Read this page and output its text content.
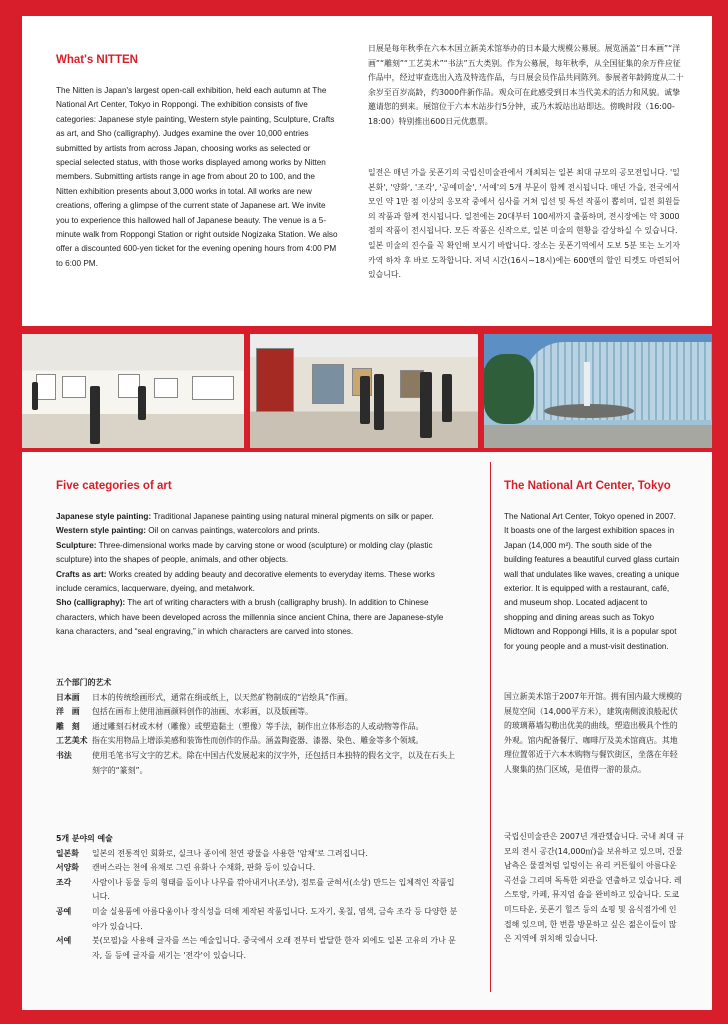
What's NITTEN

The Nitten is Japan's largest open-call exhibition, held each autumn at The National Art Center, Tokyo in Roppongi. The exhibition consists of five categories: Japanese style painting, Western style painting, Sculpture, Crafts as art, and Sho (calligraphy). Judges examine the over 10,000 entries submitted by artists from across Japan, choosing works as selected or special selected status, with those works displayed among works by Nitten members. Submitting artists range in age from about 20 to 100, and the Nitten exhibition presents about 3,000 works in total. All works are new creations, offering a glimpse of the current state of Japanese art. We invite you to experience this hallowed hall of Japanese beauty. The venue is a 5-minute walk from Roppongi Station or right outside Nogizaka Station. We also offer a discounted 600-yen ticket for the evening opening hours from 4:00 PM to 6:00 PM.

日展是每年秋季在六本木国立新美术馆举办的日本最大规模公募展。展览涵盖“日本画”“洋画”“雕刻”“工艺美术”“书法”五大类别。作为公募展，每年秋季，从全国征集的余万件应征作品中，经过审查选出入选及特选作品，与日展会员作品共同陈列。参展者年龄跨度从二十余岁至百岁高龄，约3000件新作品。观众可在此感受到日本当代美术的活力和风貌。诚挚邀请您的到来。展馆位于六本木站步行5分钟，或乃木坂站出站即达。傍晚时段（16:00-18:00）特别推出600日元优惠票。

일전은 매년 가을 롯폰기의 국립신미술관에서 개최되는 일본 최대 규모의 공모전입니다. '일본화', '양화', '조각', '공예미술', '서예'의 5개 부문이 함께 전시됩니다. 매년 가을, 전국에서 모인 약 1만 점 이상의 응모작 중에서 심사를 거쳐 입선 및 특선 작품이 뽑히며, 일전 회원들의 작품과 함께 전시됩니다. 일전에는 20대부터 100세까지 출품하며, 전시장에는 약 3000점의 작품이 전시됩니다. 모든 작품은 신작으로, 일본 미술의 현황을 감상하실 수 있습니다. 일본 미술의 진수를 꼭 확인해 보시기 바랍니다. 장소는 롯폰기역에서 도보 5분 또는 노기자카역 하차 후 바로 도착합니다. 저녁 시간(16시~18시)에는 600엔의 할인 티켓도 마련되어 있습니다.

Five categories of art

Japanese style painting: Traditional Japanese painting using natural mineral pigments on silk or paper.

Western style painting: Oil on canvas paintings, watercolors and prints.

Sculpture: Three-dimensional works made by carving stone or wood (sculpture) or molding clay (plastic sculpture) into the shapes of people, animals, and other objects.

Crafts as art: Works created by adding beauty and decorative elements to everyday items. These works include ceramics, lacquerware, dyeing, and metalwork.

Sho (calligraphy): The art of writing characters with a brush (calligraphy brush). In addition to Chinese characters, which have been developed across the millennia since ancient China, there are Japanese-style kana characters, and “seal engraving,” in which characters are carved into stones.

五个部门的艺术

日本画	日本的传统绘画形式，通常在绢或纸上，以天然矿物制成的“岩绘具”作画。
洋　画	包括在画布上使用油画颜料创作的油画、水彩画，以及版画等。
雕　刻	通过雕刻石材或木材（雕像）或塑造黏土（塑像）等手法，制作出立体形态的人或动物等作品。
工艺美术 指在实用物品上增添美感和装饰性而创作的作品。涵盖陶瓷器、漆器、染色、雕金等多个领域。
书法	使用毛笔书写文字的艺术。除在中国古代发展起来的汉字外，还包括日本独特的假名文字，以及在石头上刻字的“篆刻”。

5개 분야의 예술

일본화	일본의 전통적인 회화로, 실크나 종이에 천연 광물을 사용한 '암채'로 그려집니다.
서양화	캔버스라는 천에 유채로 그린 유화나 수채화, 판화 등이 있습니다.
조각	사람이나 동물 등의 형태를 돌이나 나무를 깎아내거나(조상), 점토를 굳혀서(소상) 만드는 입체적인 작품입니다.
공예	미술 실용품에 아름다움이나 장식성을 더해 제작된 작품입니다. 도자기, 옻칠, 염색, 금속 조각 등 다양한 분야가 있습니다.
서예	붓(모필)을 사용해 글자를 쓰는 예술입니다. 중국에서 오래 전부터 발달한 한자 외에도 일본 고유의 가나 문자, 돌 등에 글자를 새기는 '전각'이 있습니다.
The National Art Center, Tokyo

The National Art Center, Tokyo opened in 2007. It boasts one of the largest exhibition spaces in Japan (14,000 m²). The south side of the building features a beautiful curved glass curtain wall that undulates like waves, creating a unique exterior. It is equipped with a restaurant, café, and museum shop. Located adjacent to shopping and dining areas such as Tokyo Midtown and Roppongi Hills, it is a popular spot for young people and a must-visit destination.

国立新美术馆于2007年开馆。拥有国内最大规模的展览空间（14,000平方米），建筑南侧波浪般起伏的玻璃幕墙勾勒出优美的曲线，塑造出极具个性的外观。馆内配备餐厅、咖啡厅及美术馆商店。其地理位置邻近于六本木购物与餐饮街区，坐落在年轻人聚集的热门区域，是值得一游的景点。

국립신미술관은 2007년 개관했습니다. 국내 최대 규모의 전시 공간(14,000㎡)을 보유하고 있으며, 건물 남측은 물결처럼 일렁이는 유리 커튼월이 아름다운 곡선을 그리며 독특한 외관을 연출하고 있습니다. 레스토랑, 카페, 뮤지엄 숍을 완비하고 있습니다. 도쿄 미드타운, 롯폰기 힐즈 등의 쇼핑 및 음식점가에 인접해 있으며, 한 번쯤 방문하고 싶은 젊은이들이 많은 지역에 위치해 있습니다.
